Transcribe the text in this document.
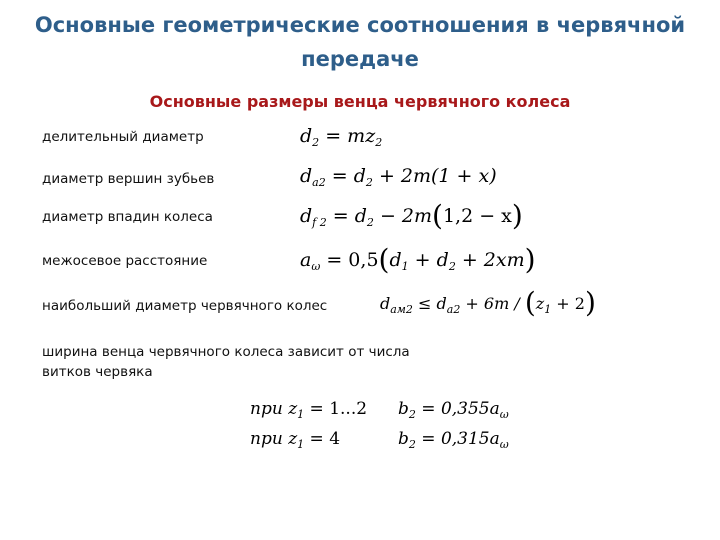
Основные геометрические соотношения в червячной передаче
Основные размеры венца червячного колеса
делительный диаметр
диаметр вершин зубьев
диаметр впадин колеса
межосевое расстояние
наибольший диаметр червячного колес
ширина венца червячного колеса зависит от числа витков червяка
$d_2 = mz_2$
$d_{a2} = d_2 + 2m(1 + x)$
$d_{f 2} = d_2 - 2m(1,2 - x)$
$a_\omega = 0,5(d_1 + d_2 + 2xm)$
$d_{aм2} \le d_{a2} + 6m / (z_1 + 2)$
при $z_1 = 1...2$ $b_2 = 0,355a_\omega$
при $z_1 = 4$	$b_2 = 0,315a_\omega$
